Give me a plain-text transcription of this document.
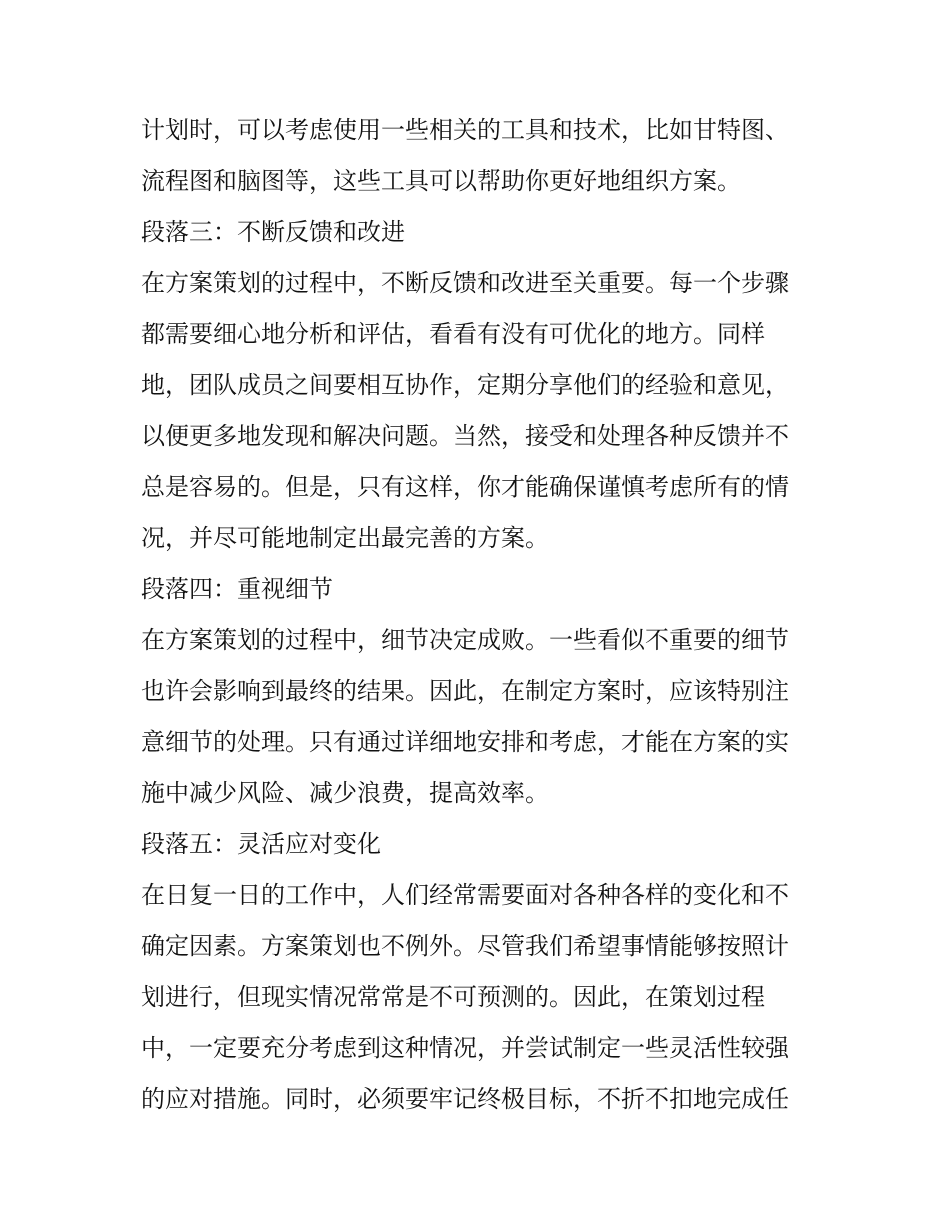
计划时，可以考虑使用一些相关的工具和技术，比如甘特图、
流程图和脑图等，这些工具可以帮助你更好地组织方案。
段落三：不断反馈和改进
在方案策划的过程中，不断反馈和改进至关重要。每一个步骤
都需要细心地分析和评估，看看有没有可优化的地方。同样
地，团队成员之间要相互协作，定期分享他们的经验和意见，
以便更多地发现和解决问题。当然，接受和处理各种反馈并不
总是容易的。但是，只有这样，你才能确保谨慎考虑所有的情
况，并尽可能地制定出最完善的方案。
段落四：重视细节
在方案策划的过程中，细节决定成败。一些看似不重要的细节
也许会影响到最终的结果。因此，在制定方案时，应该特别注
意细节的处理。只有通过详细地安排和考虑，才能在方案的实
施中减少风险、减少浪费，提高效率。
段落五：灵活应对变化
在日复一日的工作中，人们经常需要面对各种各样的变化和不
确定因素。方案策划也不例外。尽管我们希望事情能够按照计
划进行，但现实情况常常是不可预测的。因此，在策划过程
中，一定要充分考虑到这种情况，并尝试制定一些灵活性较强
的应对措施。同时，必须要牢记终极目标，不折不扣地完成任
